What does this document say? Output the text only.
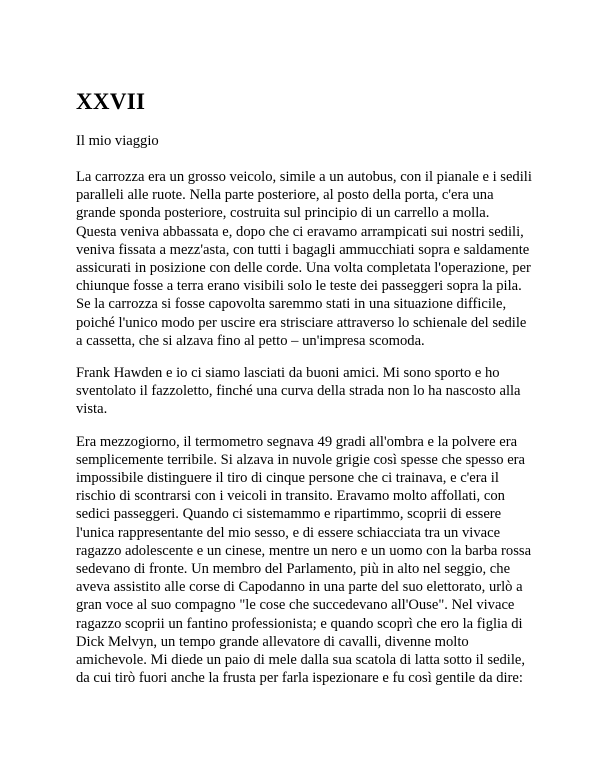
XXVII

Il mio viaggio

La carrozza era un grosso veicolo, simile a un autobus, con il pianale e i sedili paralleli alle ruote. Nella parte posteriore, al posto della porta, c'era una grande sponda posteriore, costruita sul principio di un carrello a molla. Questa veniva abbassata e, dopo che ci eravamo arrampicati sui nostri sedili, veniva fissata a mezz'asta, con tutti i bagagli ammucchiati sopra e saldamente assicurati in posizione con delle corde. Una volta completata l'operazione, per chiunque fosse a terra erano visibili solo le teste dei passeggeri sopra la pila. Se la carrozza si fosse capovolta saremmo stati in una situazione difficile, poiché l'unico modo per uscire era strisciare attraverso lo schienale del sedile a cassetta, che si alzava fino al petto – un'impresa scomoda.

Frank Hawden e io ci siamo lasciati da buoni amici. Mi sono sporto e ho sventolato il fazzoletto, finché una curva della strada non lo ha nascosto alla vista.

Era mezzogiorno, il termometro segnava 49 gradi all'ombra e la polvere era semplicemente terribile. Si alzava in nuvole grigie così spesse che spesso era impossibile distinguere il tiro di cinque persone che ci trainava, e c'era il rischio di scontrarsi con i veicoli in transito. Eravamo molto affollati, con sedici passeggeri. Quando ci sistemammo e ripartimmo, scoprii di essere l'unica rappresentante del mio sesso, e di essere schiacciata tra un vivace ragazzo adolescente e un cinese, mentre un nero e un uomo con la barba rossa sedevano di fronte. Un membro del Parlamento, più in alto nel seggio, che aveva assistito alle corse di Capodanno in una parte del suo elettorato, urlò a gran voce al suo compagno "le cose che succedevano all'Ouse". Nel vivace ragazzo scoprii un fantino professionista; e quando scoprì che ero la figlia di Dick Melvyn, un tempo grande allevatore di cavalli, divenne molto amichevole. Mi diede un paio di mele dalla sua scatola di latta sotto il sedile, da cui tirò fuori anche la frusta per farla ispezionare e fu così gentile da dire:
